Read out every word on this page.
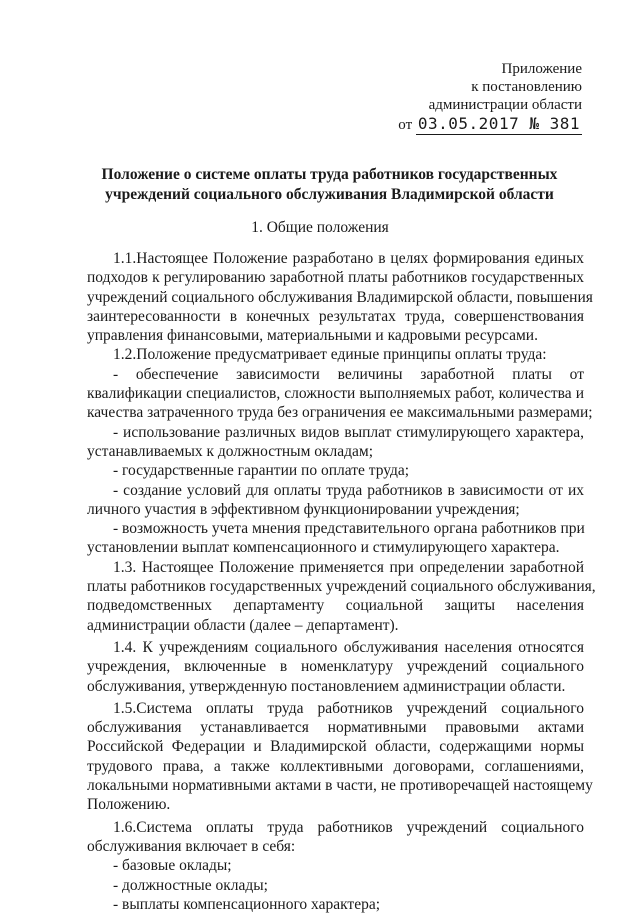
Приложение
к постановлению
администрации области
от 03.05.2017 № 381
Положение о системе оплаты труда работников государственных
учреждений социального обслуживания Владимирской области
1. Общие положения
1.1.Настоящее Положение разработано в целях формирования единых
подходов к регулированию заработной платы работников государственных
учреждений социального обслуживания Владимирской области, повышения
заинтересованности в конечных результатах труда, совершенствования
управления финансовыми, материальными и кадровыми ресурсами.
1.2.Положение предусматривает единые принципы оплаты труда:
- обеспечение зависимости величины заработной платы от
квалификации специалистов, сложности выполняемых работ, количества и
качества затраченного труда без ограничения ее максимальными размерами;
- использование различных видов выплат стимулирующего характера,
устанавливаемых к должностным окладам;
- государственные гарантии по оплате труда;
- создание условий для оплаты труда работников в зависимости от их
личного участия в эффективном функционировании учреждения;
- возможность учета мнения представительного органа работников при
установлении выплат компенсационного и стимулирующего характера.
1.3. Настоящее Положение применяется при определении заработной
платы работников государственных учреждений социального обслуживания,
подведомственных департаменту социальной защиты населения
администрации области (далее – департамент).
1.4. К учреждениям социального обслуживания населения относятся
учреждения, включенные в номенклатуру учреждений социального
обслуживания, утвержденную постановлением администрации области.
1.5.Система оплаты труда работников учреждений социального
обслуживания устанавливается нормативными правовыми актами
Российской Федерации и Владимирской области, содержащими нормы
трудового права, а также коллективными договорами, соглашениями,
локальными нормативными актами в части, не противоречащей настоящему
Положению.
1.6.Система оплаты труда работников учреждений социального
обслуживания включает в себя:
- базовые оклады;
- должностные оклады;
- выплаты компенсационного характера;
